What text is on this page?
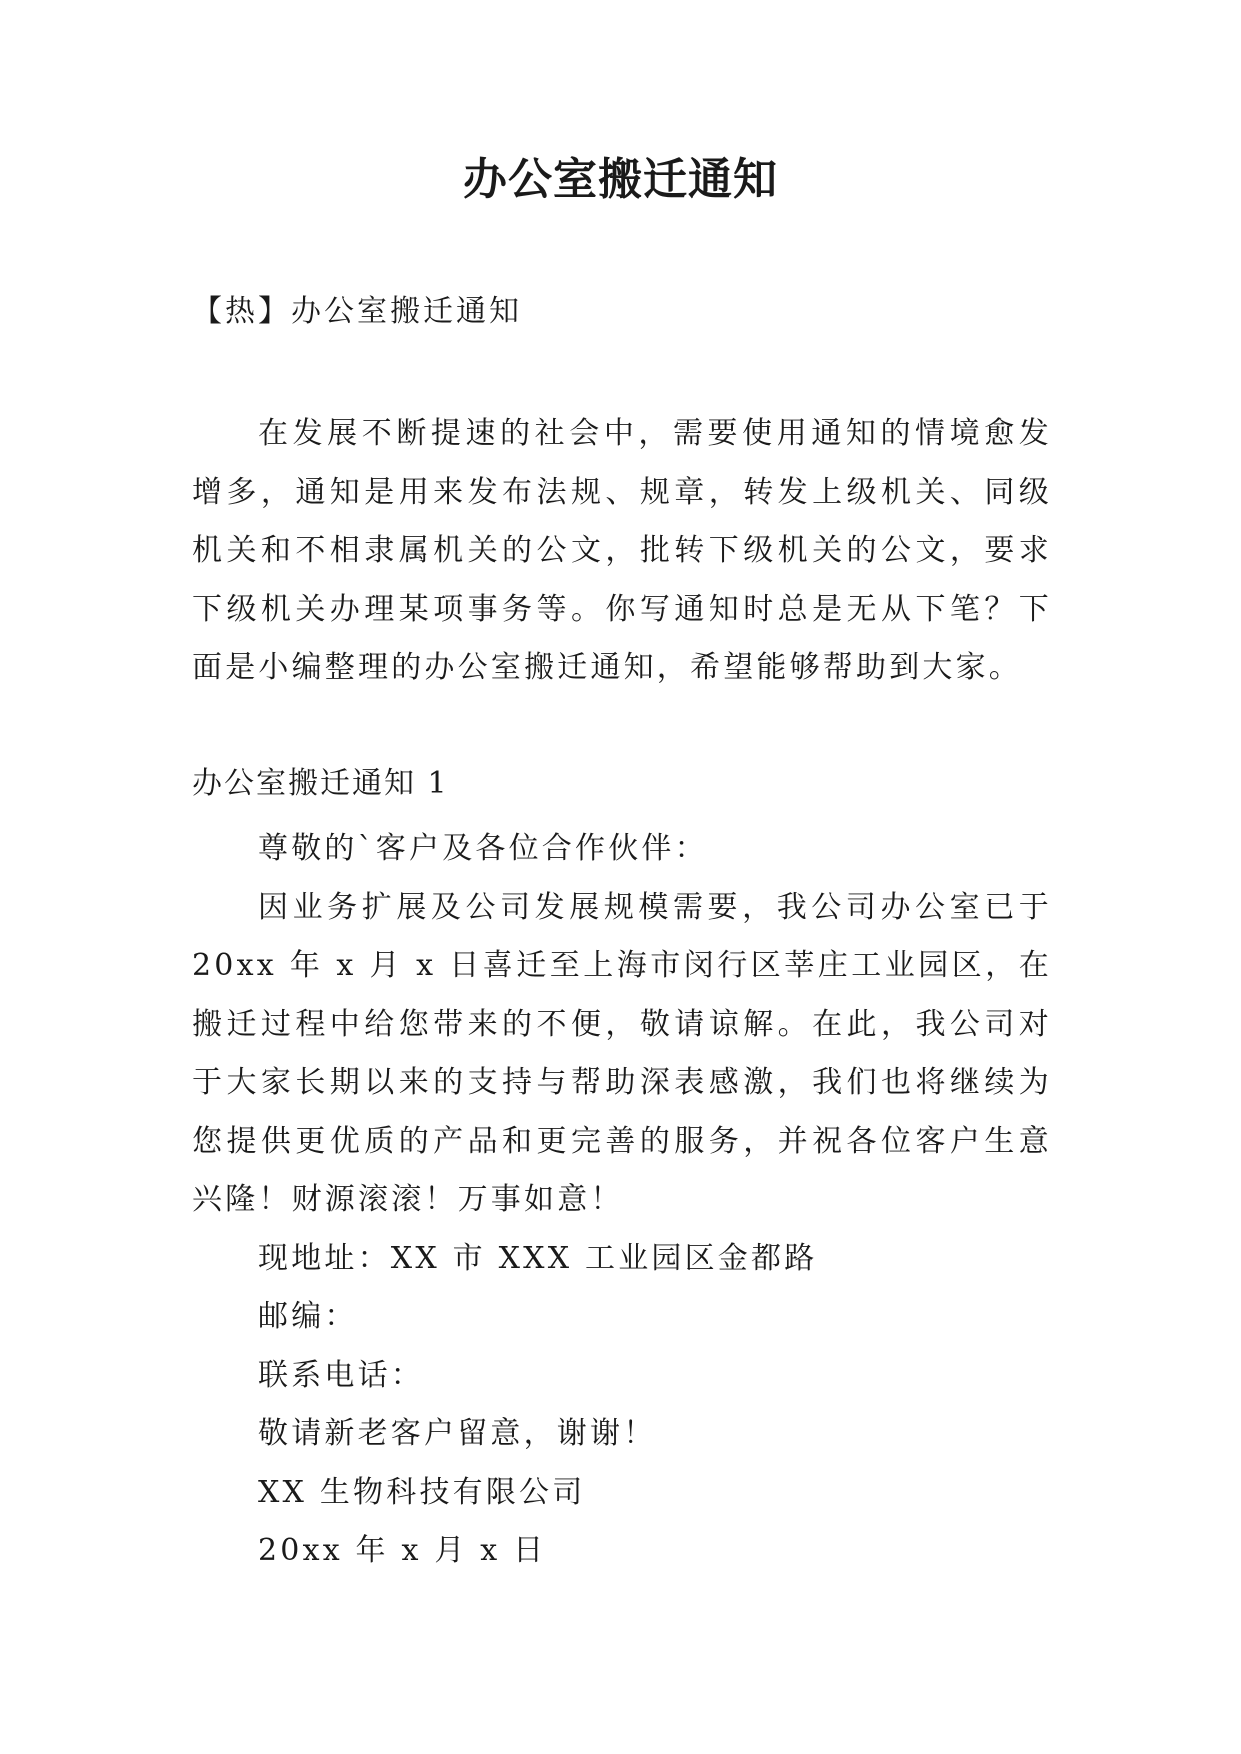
办公室搬迁通知
【热】办公室搬迁通知
在发展不断提速的社会中，需要使用通知的情境愈发增多，通知是用来发布法规、规章，转发上级机关、同级机关和不相隶属机关的公文，批转下级机关的公文，要求下级机关办理某项事务等。你写通知时总是无从下笔？下面是小编整理的办公室搬迁通知，希望能够帮助到大家。
办公室搬迁通知 1

尊敬的`客户及各位合作伙伴：

因业务扩展及公司发展规模需要，我公司办公室已于 20xx 年 x 月 x 日喜迁至上海市闵行区莘庄工业园区，在搬迁过程中给您带来的不便，敬请谅解。在此，我公司对于大家长期以来的支持与帮助深表感激，我们也将继续为您提供更优质的产品和更完善的服务，并祝各位客户生意兴隆！财源滚滚！万事如意！

现地址：XX 市 XXX 工业园区金都路

邮编：

联系电话：

敬请新老客户留意，谢谢！

XX 生物科技有限公司

20xx 年 x 月 x 日
